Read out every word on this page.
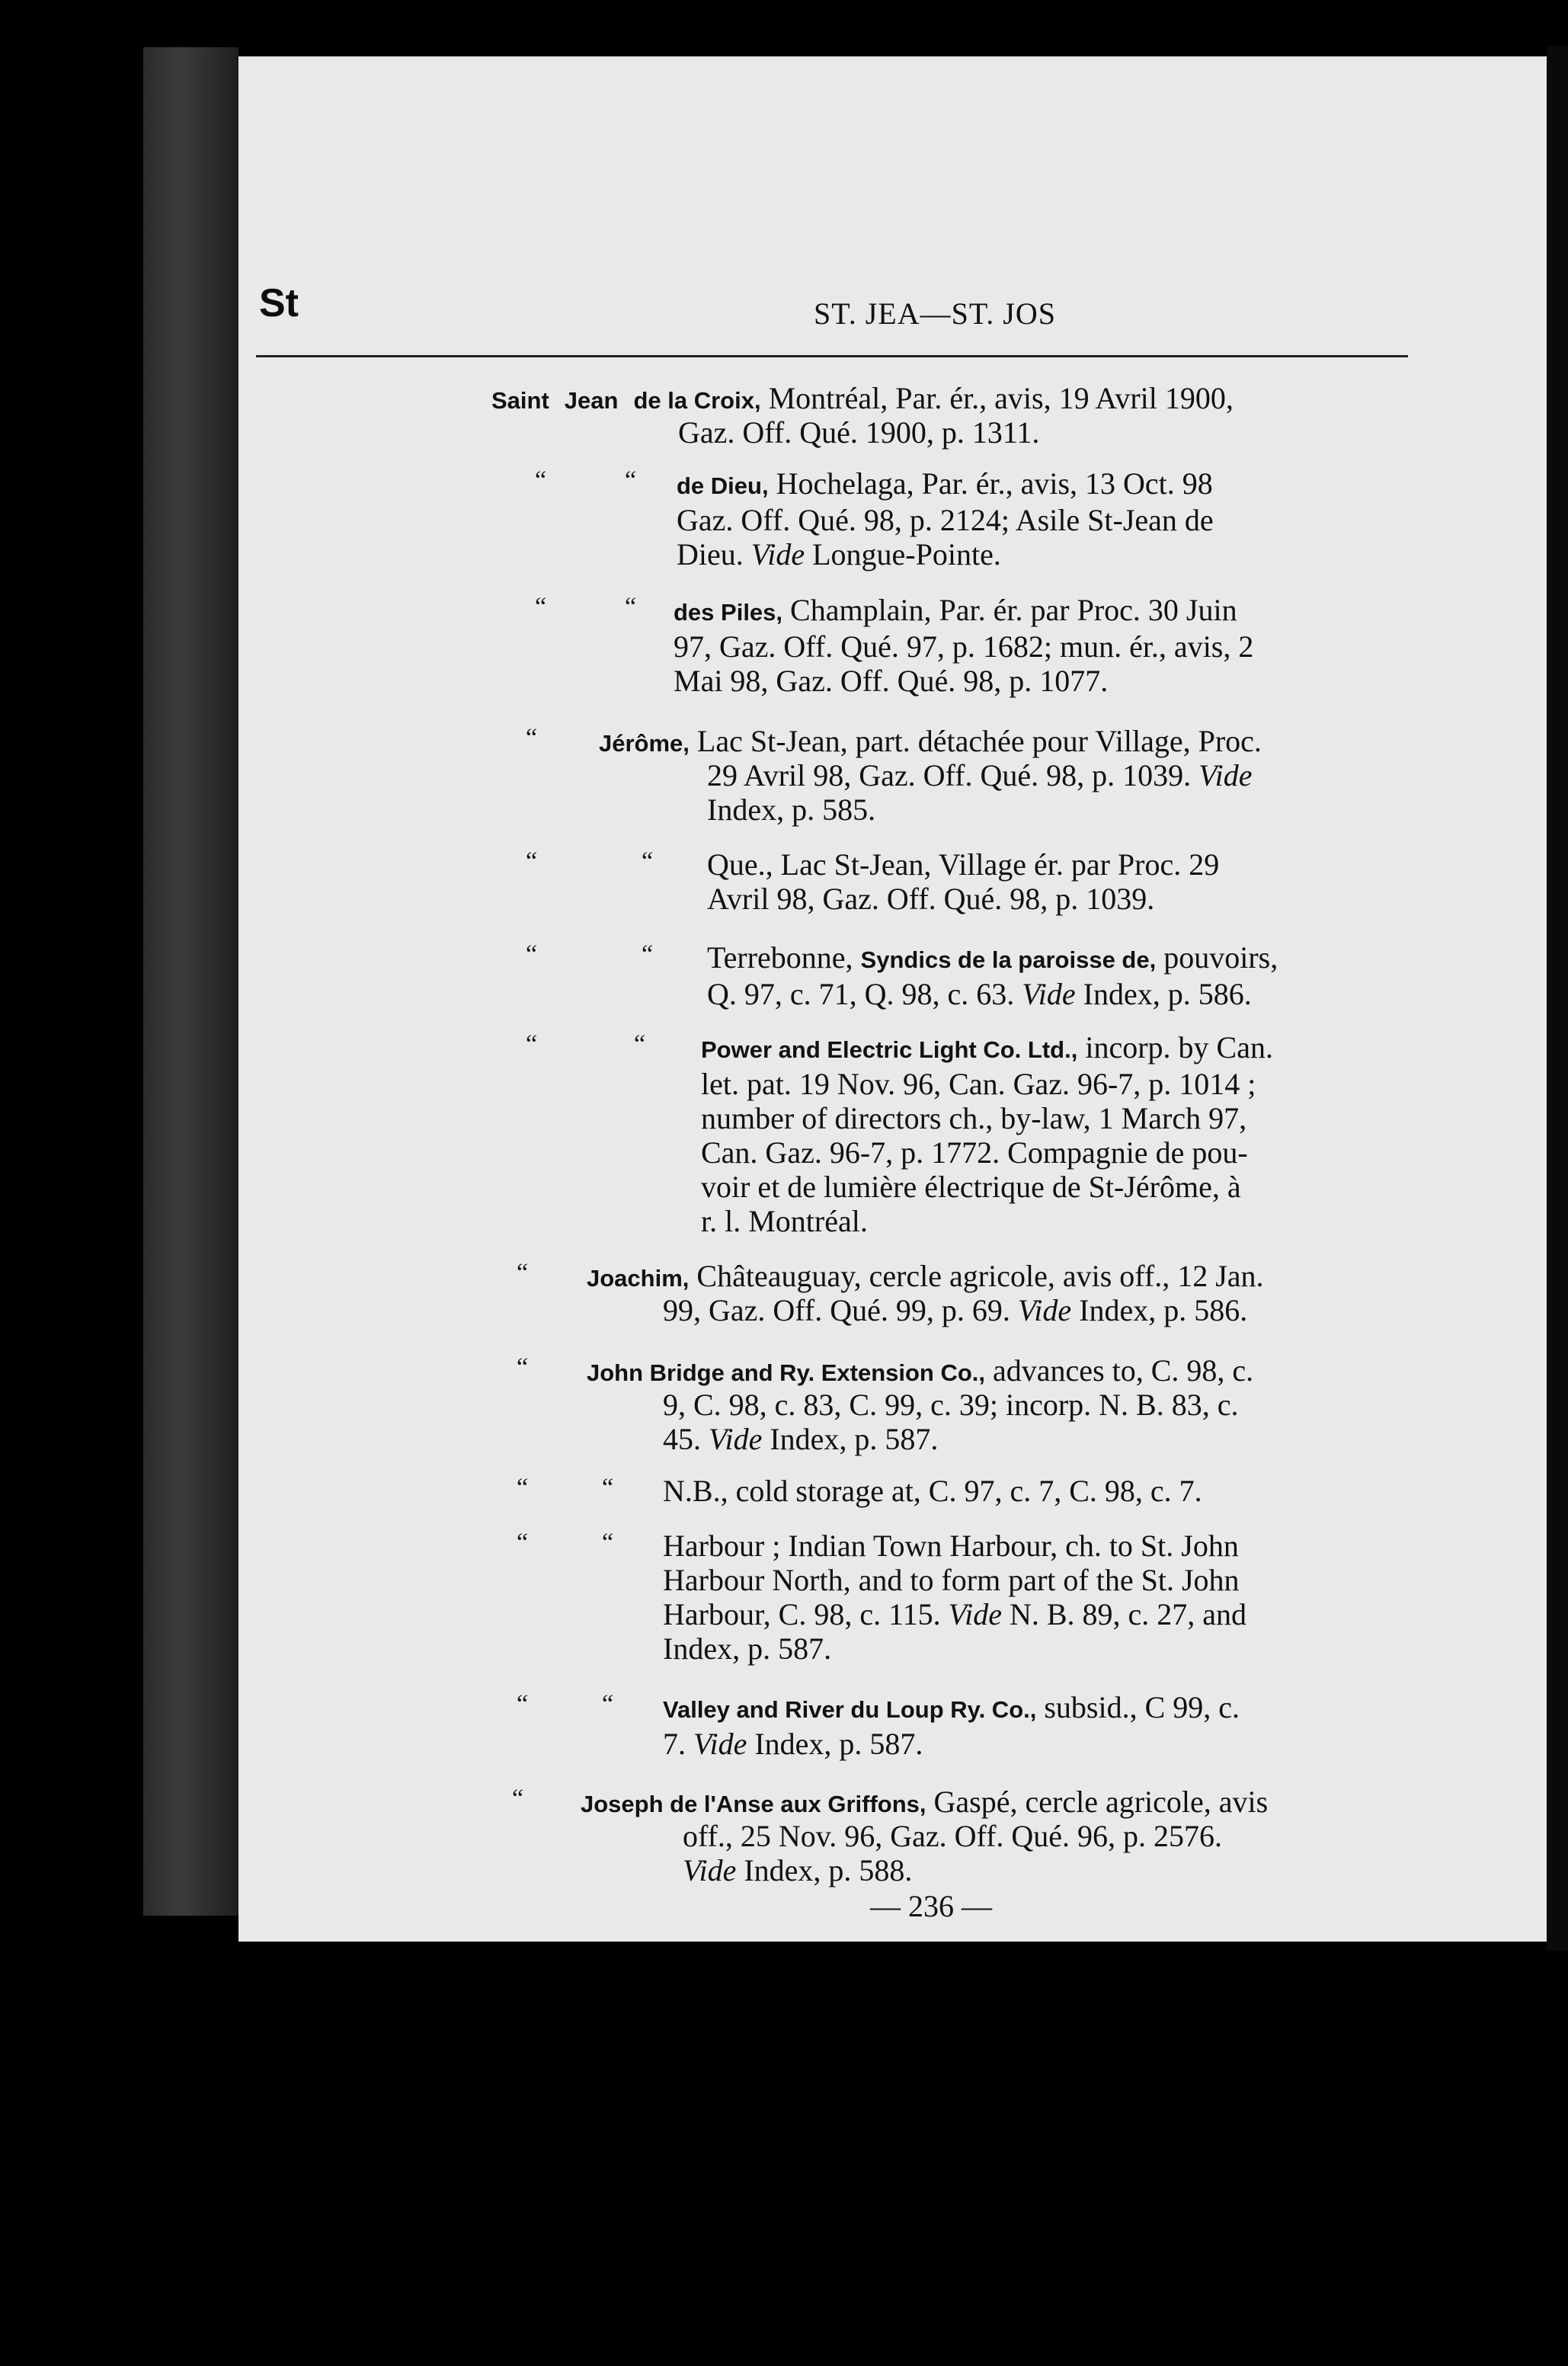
St	ST. JEA—ST. JOS
Saint Jean de la Croix, Montréal, Par. ér., avis, 19 Avril 1900,
Gaz. Off. Qué. 1900, p. 1311.
“	“ de Dieu, Hochelaga, Par. ér., avis, 13 Oct. 98
Gaz. Off. Qué. 98, p. 2124; Asile St-Jean de
Dieu. Vide Longue-Pointe.
“	“ des Piles, Champlain, Par. ér. par Proc. 30 Juin
97, Gaz. Off. Qué. 97, p. 1682; mun. ér., avis, 2
Mai 98, Gaz. Off. Qué. 98, p. 1077.
“	Jérôme, Lac St-Jean, part. détachée pour Village, Proc.
29 Avril 98, Gaz. Off. Qué. 98, p. 1039. Vide
Index, p. 585.
“	“ Que., Lac St-Jean, Village ér. par Proc. 29
Avril 98, Gaz. Off. Qué. 98, p. 1039.
“	“ Terrebonne, Syndics de la paroisse de, pouvoirs,
Q. 97, c. 71, Q. 98, c. 63. Vide Index, p. 586.
“	“ Power and Electric Light Co. Ltd., incorp. by Can.
let. pat. 19 Nov. 96, Can. Gaz. 96-7, p. 1014 ;
number of directors ch., by-law, 1 March 97,
Can. Gaz. 96-7, p. 1772. Compagnie de pou-
voir et de lumière électrique de St-Jérôme, à
r. l. Montréal.
“ Joachim, Châteauguay, cercle agricole, avis off., 12 Jan.
99, Gaz. Off. Qué. 99, p. 69. Vide Index, p. 586.
“ John Bridge and Ry. Extension Co., advances to, C. 98, c.
9, C. 98, c. 83, C. 99, c. 39; incorp. N. B. 83, c.
45. Vide Index, p. 587.
“	“ N.B., cold storage at, C. 97, c. 7, C. 98, c. 7.
“	“ Harbour ; Indian Town Harbour, ch. to St. John
Harbour North, and to form part of the St. John
Harbour, C. 98, c. 115. Vide N. B. 89, c. 27, and
Index, p. 587.
“	“ Valley and River du Loup Ry. Co., subsid., C 99, c.
7. Vide Index, p. 587.
“ Joseph de l'Anse aux Griffons, Gaspé, cercle agricole, avis
off., 25 Nov. 96, Gaz. Off. Qué. 96, p. 2576.
Vide Index, p. 588.
— 236 —
